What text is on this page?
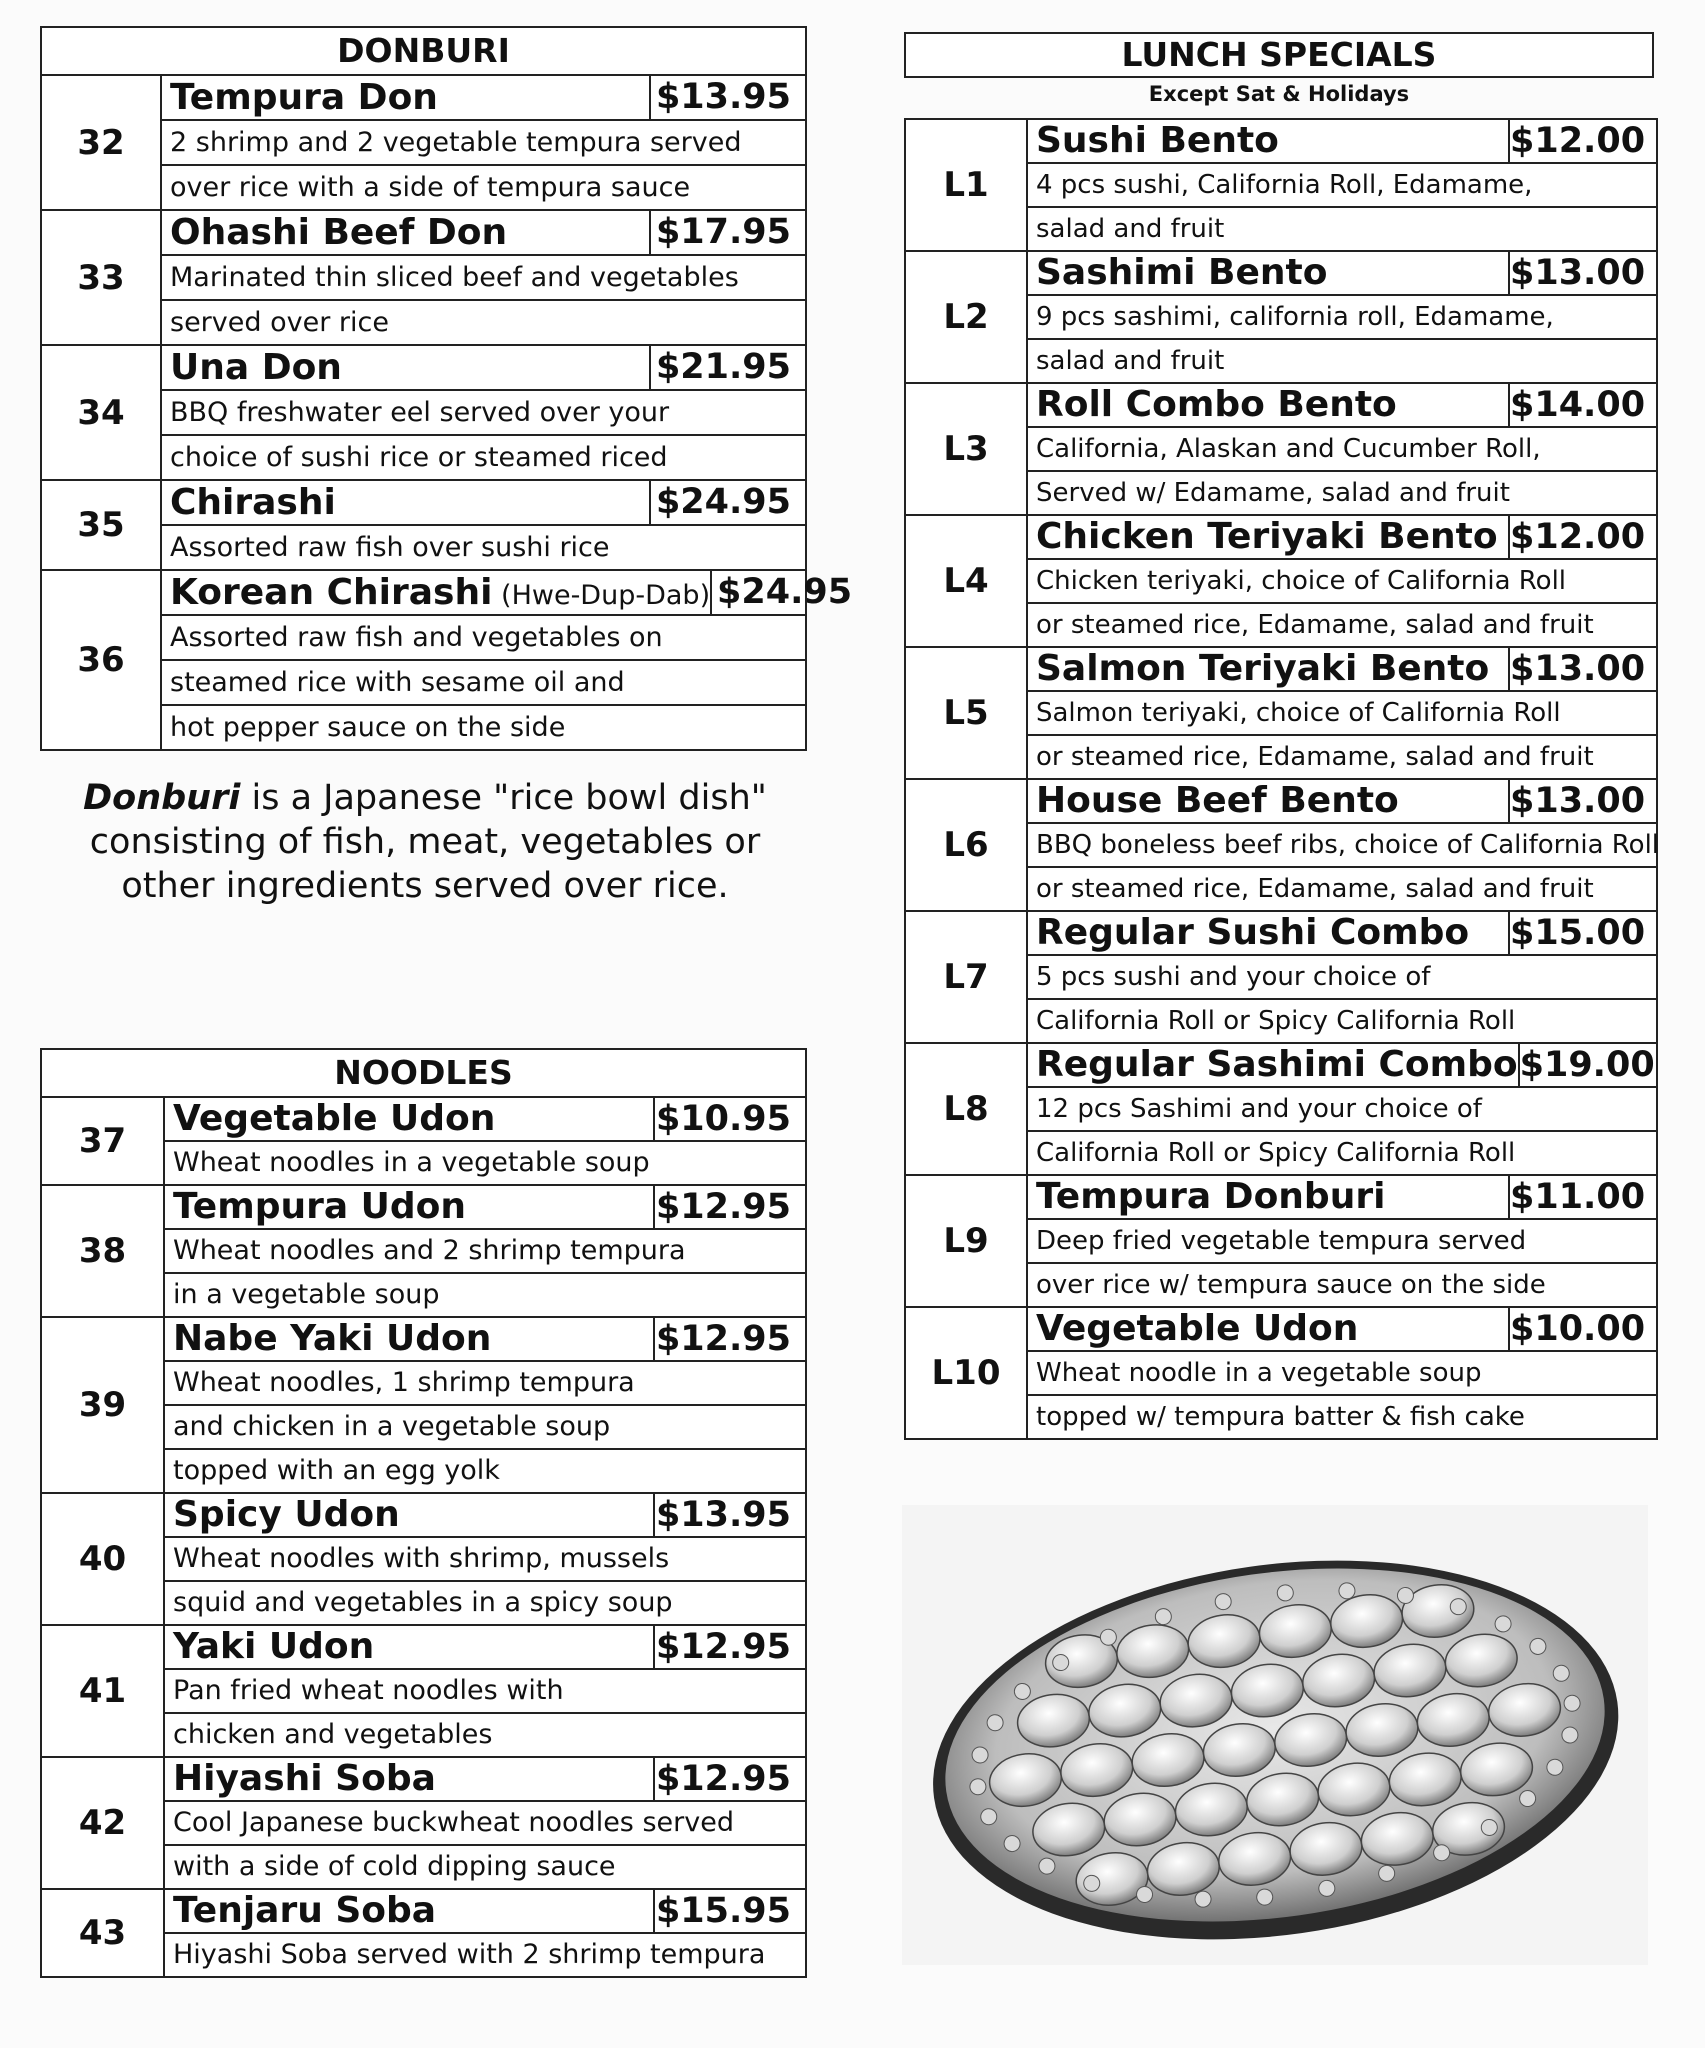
DONBURI
32
Tempura Don	$13.95
2 shrimp and 2 vegetable tempura served
over rice with a side of tempura sauce
33
Ohashi Beef Don	$17.95
Marinated thin sliced beef and vegetables
served over rice
34
Una Don	$21.95
BBQ freshwater eel served over your
choice of sushi rice or steamed riced
35
Chirashi	$24.95
Assorted raw fish over sushi rice
36
Korean Chirashi (Hwe-Dup-Dab) $24.95
Assorted raw fish and vegetables on
steamed rice with sesame oil and
hot pepper sauce on the side
Donburi is a Japanese "rice bowl dish" consisting of fish, meat, vegetables or other ingredients served over rice.
NOODLES
37
Vegetable Udon	$10.95
Wheat noodles in a vegetable soup
38
Tempura Udon	$12.95
Wheat noodles and 2 shrimp tempura
in a vegetable soup
39
Nabe Yaki Udon	$12.95
Wheat noodles, 1 shrimp tempura
and chicken in a vegetable soup
topped with an egg yolk
40
Spicy Udon	$13.95
Wheat noodles with shrimp, mussels
squid and vegetables in a spicy soup
41
Yaki Udon	$12.95
Pan fried wheat noodles with
chicken and vegetables
42
Hiyashi Soba	$12.95
Cool Japanese buckwheat noodles served
with a side of cold dipping sauce
43
Tenjaru Soba	$15.95
Hiyashi Soba served with 2 shrimp tempura
LUNCH SPECIALS
Except Sat & Holidays
L1
Sushi Bento	$12.00
4 pcs sushi, California Roll, Edamame,
salad and fruit
L2
Sashimi Bento	$13.00
9 pcs sashimi, california roll, Edamame,
salad and fruit
L3
Roll Combo Bento	$14.00
California, Alaskan and Cucumber Roll,
Served w/ Edamame, salad and fruit
L4
Chicken Teriyaki Bento $12.00
Chicken teriyaki, choice of California Roll
or steamed rice, Edamame, salad and fruit
L5
Salmon Teriyaki Bento $13.00
Salmon teriyaki, choice of California Roll
or steamed rice, Edamame, salad and fruit
L6
House Beef Bento	$13.00
BBQ boneless beef ribs, choice of California Roll
or steamed rice, Edamame, salad and fruit
L7
Regular Sushi Combo	$15.00
5 pcs sushi and your choice of
California Roll or Spicy California Roll
L8
Regular Sashimi Combo $19.00
12 pcs Sashimi and your choice of
California Roll or Spicy California Roll
L9
Tempura Donburi	$11.00
Deep fried vegetable tempura served
over rice w/ tempura sauce on the side
L10
Vegetable Udon	$10.00
Wheat noodle in a vegetable soup
topped w/ tempura batter & fish cake
